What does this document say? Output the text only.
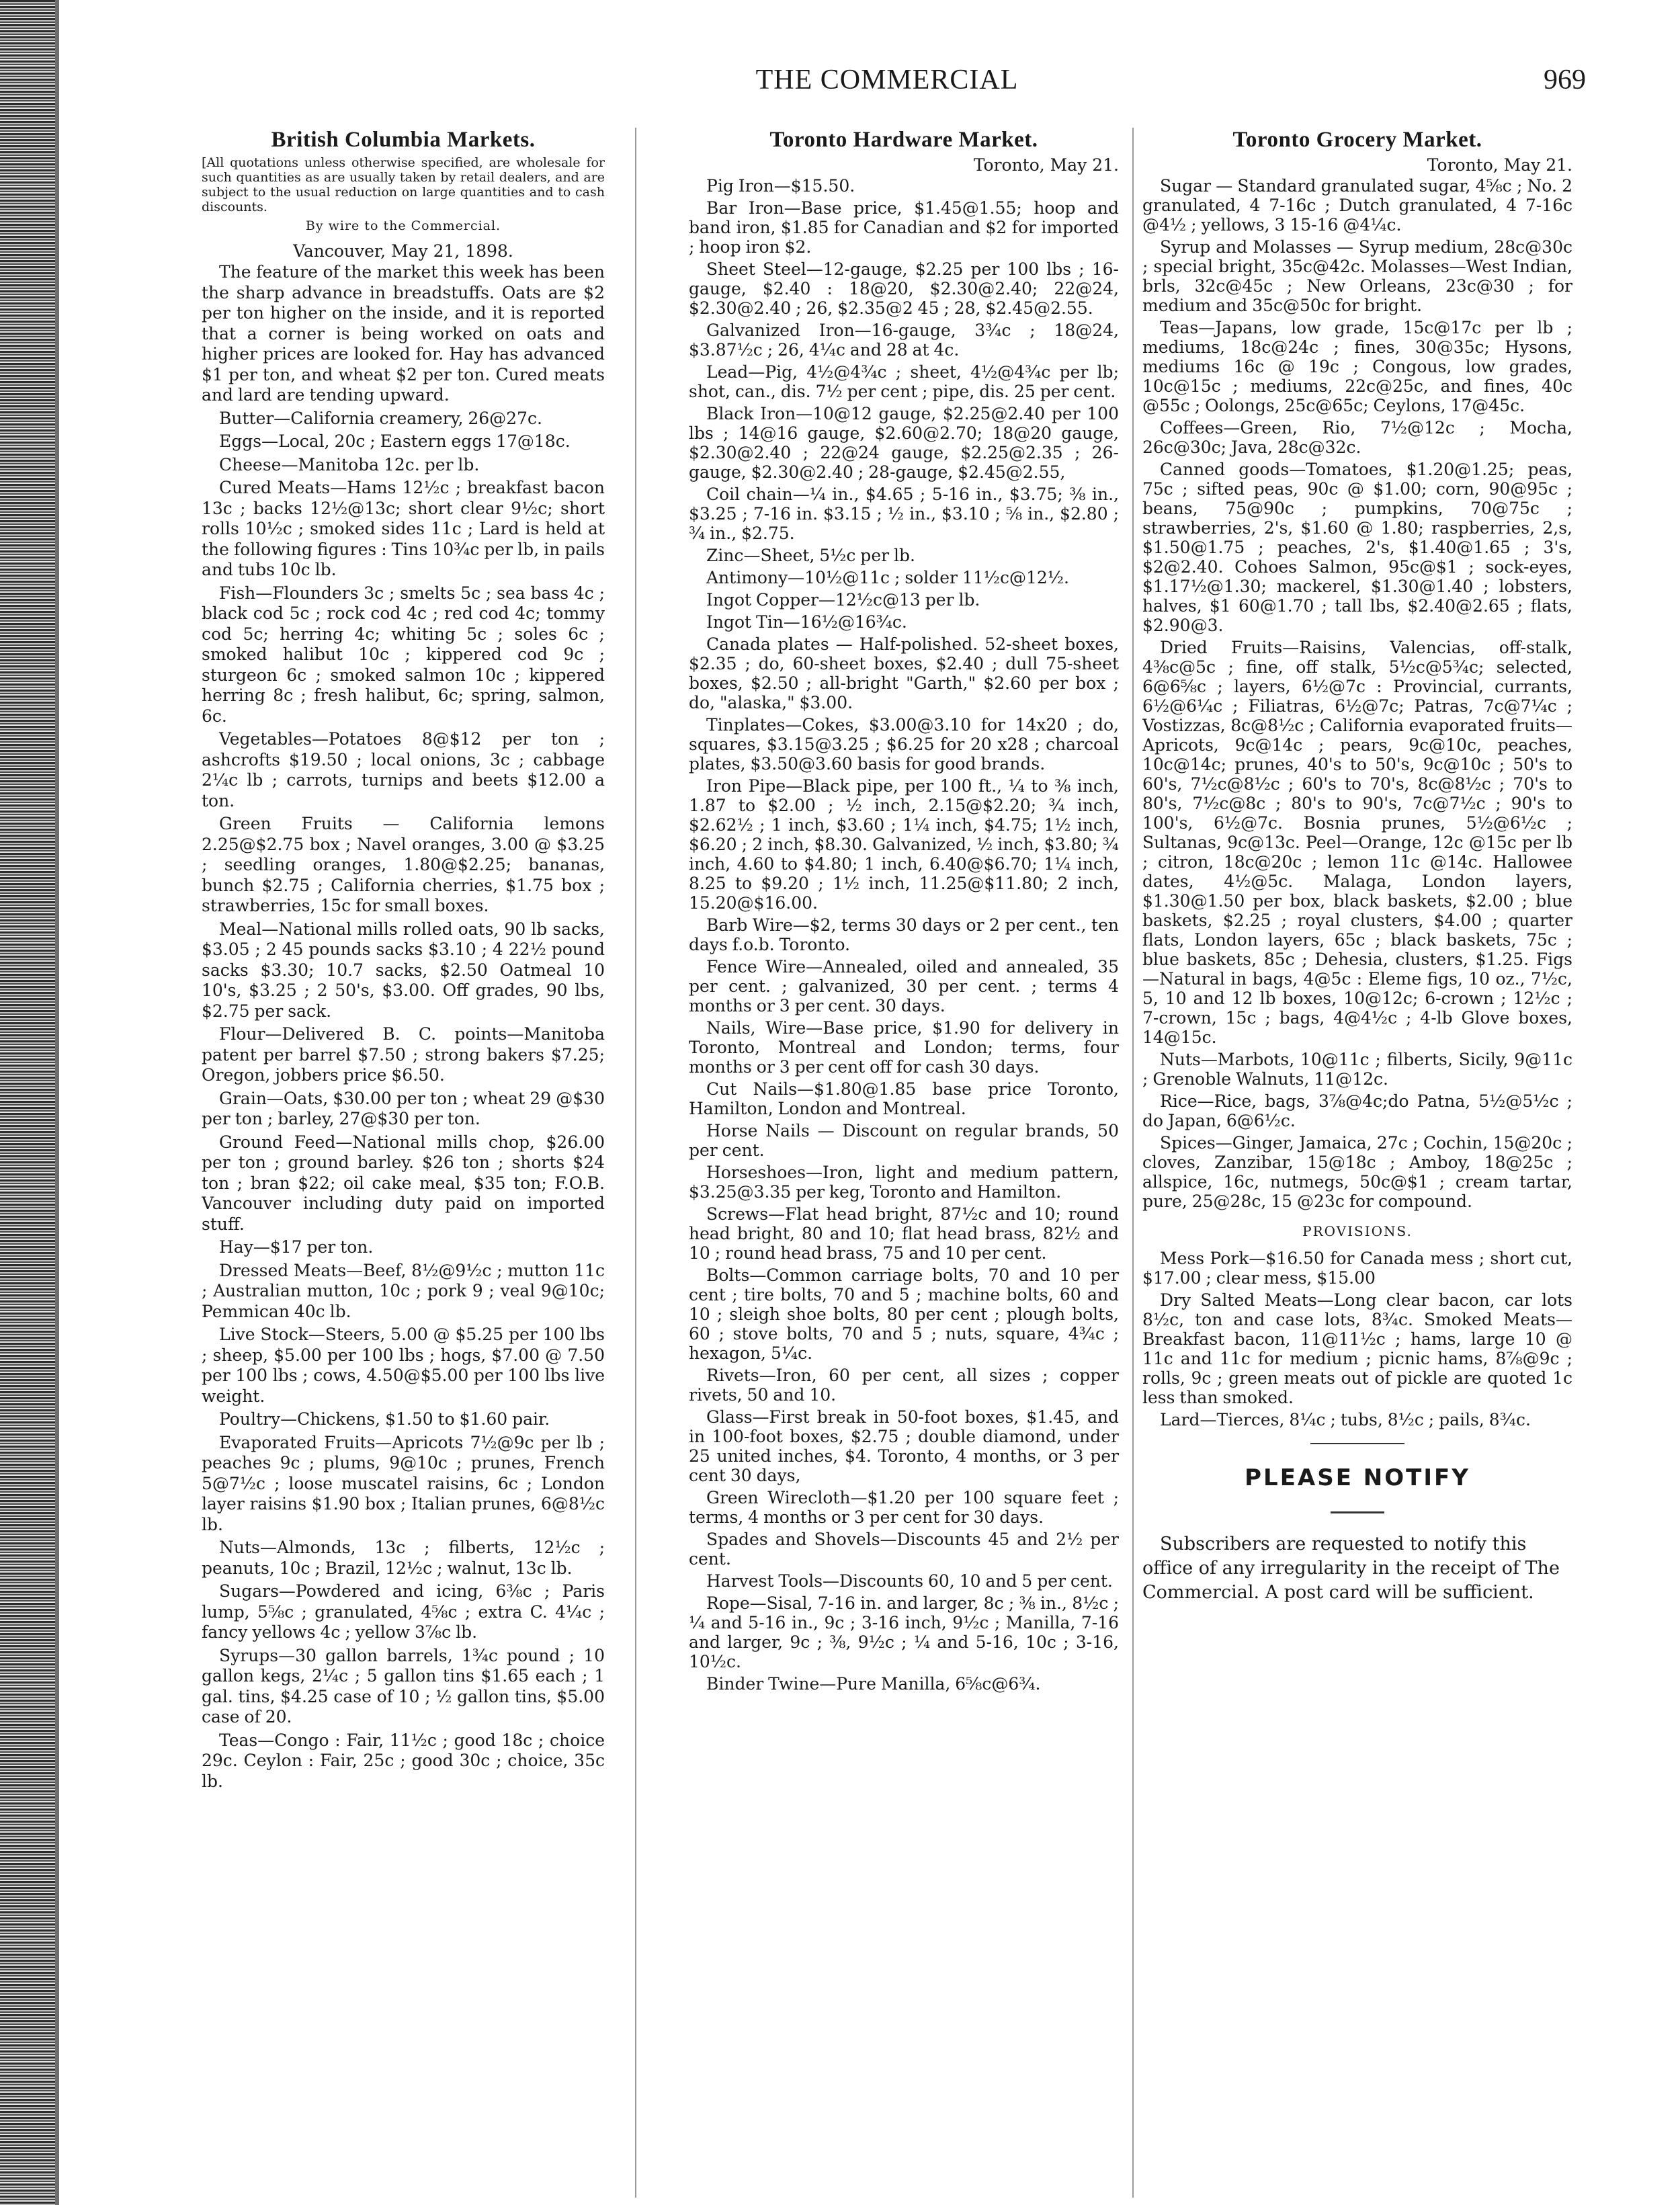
THE COMMERCIAL	969
British Columbia Markets.

[All quotations unless otherwise specified, are wholesale for such quantities as are usually taken by retail dealers, and are subject to the usual reduction on large quantities and to cash discounts.

By wire to the Commercial.
Vancouver, May 21, 1898.

The feature of the market this week has been the sharp advance in breadstuffs. Oats are $2 per ton higher on the inside, and it is reported that a corner is being worked on oats and higher prices are looked for. Hay has advanced $1 per ton, and wheat $2 per ton. Cured meats and lard are tending upward.

Butter—California creamery, 26@27c.

Eggs—Local, 20c ; Eastern eggs 17@18c.

Cheese—Manitoba 12c. per lb.

Cured Meats—Hams 12½c ; breakfast bacon 13c ; backs 12½@13c; short clear 9½c; short rolls 10½c ; smoked sides 11c ; Lard is held at the following figures : Tins 10¾c per lb, in pails and tubs 10c lb.

Fish—Flounders 3c ; smelts 5c ; sea bass 4c ; black cod 5c ; rock cod 4c ; red cod 4c; tommy cod 5c; herring 4c; whiting 5c ; soles 6c ; smoked halibut 10c ; kippered cod 9c ; sturgeon 6c ; smoked salmon 10c ; kippered herring 8c ; fresh halibut, 6c; spring, salmon, 6c.

Vegetables—Potatoes 8@$12 per ton ; ashcrofts $19.50 ; local onions, 3c ; cabbage 2¼c lb ; carrots, turnips and beets $12.00 a ton.

Green Fruits — California lemons 2.25@$2.75 box ; Navel oranges, 3.00 @ $3.25 ; seedling oranges, 1.80@$2.25; bananas, bunch $2.75 ; California cherries, $1.75 box ; strawberries, 15c for small boxes.

Meal—National mills rolled oats, 90 lb sacks, $3.05 ; 2 45 pounds sacks $3.10 ; 4 22½ pound sacks $3.30; 10.7 sacks, $2.50 Oatmeal 10 10's, $3.25 ; 2 50's, $3.00. Off grades, 90 lbs, $2.75 per sack.

Flour—Delivered B. C. points—Manitoba patent per barrel $7.50 ; strong bakers $7.25; Oregon, jobbers price $6.50.

Grain—Oats, $30.00 per ton ; wheat 29 @$30 per ton ; barley, 27@$30 per ton.

Ground Feed—National mills chop, $26.00 per ton ; ground barley. $26 ton ; shorts $24 ton ; bran $22; oil cake meal, $35 ton; F.O.B. Vancouver including duty paid on imported stuff.

Hay—$17 per ton.

Dressed Meats—Beef, 8½@9½c ; mutton 11c ; Australian mutton, 10c ; pork 9 ; veal 9@10c; Pemmican 40c lb.

Live Stock—Steers, 5.00 @ $5.25 per 100 lbs ; sheep, $5.00 per 100 lbs ; hogs, $7.00 @ 7.50 per 100 lbs ; cows, 4.50@$5.00 per 100 lbs live weight.

Poultry—Chickens, $1.50 to $1.60 pair.

Evaporated Fruits—Apricots 7½@9c per lb ; peaches 9c ; plums, 9@10c ; prunes, French 5@7½c ; loose muscatel raisins, 6c ; London layer raisins $1.90 box ; Italian prunes, 6@8½c lb.

Nuts—Almonds, 13c ; filberts, 12½c ; peanuts, 10c ; Brazil, 12½c ; walnut, 13c lb.

Sugars—Powdered and icing, 6⅜c ; Paris lump, 5⅝c ; granulated, 4⅝c ; extra C. 4¼c ; fancy yellows 4c ; yellow 3⅞c lb.

Syrups—30 gallon barrels, 1¾c pound ; 10 gallon kegs, 2¼c ; 5 gallon tins $1.65 each ; 1 gal. tins, $4.25 case of 10 ; ½ gallon tins, $5.00 case of 20.

Teas—Congo : Fair, 11½c ; good 18c ; choice 29c. Ceylon : Fair, 25c ; good 30c ; choice, 35c lb.

Toronto Hardware Market.
Toronto, May 21.

Pig Iron—$15.50.

Bar Iron—Base price, $1.45@1.55; hoop and band iron, $1.85 for Canadian and $2 for imported ; hoop iron $2.

Sheet Steel—12-gauge, $2.25 per 100 lbs ; 16-gauge, $2.40 : 18@20, $2.30@2.40; 22@24, $2.30@2.40 ; 26, $2.35@2 45 ; 28, $2.45@2.55.

Galvanized Iron—16-gauge, 3¾c ; 18@24, $3.87½c ; 26, 4¼c and 28 at 4c.

Lead—Pig, 4½@4¾c ; sheet, 4½@4¾c per lb; shot, can., dis. 7½ per cent ; pipe, dis. 25 per cent.

Black Iron—10@12 gauge, $2.25@2.40 per 100 lbs ; 14@16 gauge, $2.60@2.70; 18@20 gauge, $2.30@2.40 ; 22@24 gauge, $2.25@2.35 ; 26-gauge, $2.30@2.40 ; 28-gauge, $2.45@2.55,

Coil chain—¼ in., $4.65 ; 5-16 in., $3.75; ⅜ in., $3.25 ; 7-16 in. $3.15 ; ½ in., $3.10 ; ⅝ in., $2.80 ; ¾ in., $2.75.

Zinc—Sheet, 5½c per lb.

Antimony—10½@11c ; solder 11½c@12½.

Ingot Copper—12½c@13 per lb.

Ingot Tin—16½@16¾c.

Canada plates — Half-polished. 52-sheet boxes, $2.35 ; do, 60-sheet boxes, $2.40 ; dull 75-sheet boxes, $2.50 ; all-bright "Garth," $2.60 per box ; do, "alaska," $3.00.

Tinplates—Cokes, $3.00@3.10 for 14x20 ; do, squares, $3.15@3.25 ; $6.25 for 20 x28 ; charcoal plates, $3.50@3.60 basis for good brands.

Iron Pipe—Black pipe, per 100 ft., ¼ to ⅜ inch, 1.87 to $2.00 ; ½ inch, 2.15@$2.20; ¾ inch, $2.62½ ; 1 inch, $3.60 ; 1¼ inch, $4.75; 1½ inch, $6.20 ; 2 inch, $8.30. Galvanized, ½ inch, $3.80; ¾ inch, 4.60 to $4.80; 1 inch, 6.40@$6.70; 1¼ inch, 8.25 to $9.20 ; 1½ inch, 11.25@$11.80; 2 inch, 15.20@$16.00.

Barb Wire—$2, terms 30 days or 2 per cent., ten days f.o.b. Toronto.

Fence Wire—Annealed, oiled and annealed, 35 per cent. ; galvanized, 30 per cent. ; terms 4 months or 3 per cent. 30 days.

Nails, Wire—Base price, $1.90 for delivery in Toronto, Montreal and London; terms, four months or 3 per cent off for cash 30 days.

Cut Nails—$1.80@1.85 base price Toronto, Hamilton, London and Montreal.

Horse Nails — Discount on regular brands, 50 per cent.

Horseshoes—Iron, light and medium pattern, $3.25@3.35 per keg, Toronto and Hamilton.

Screws—Flat head bright, 87½c and 10; round head bright, 80 and 10; flat head brass, 82½ and 10 ; round head brass, 75 and 10 per cent.

Bolts—Common carriage bolts, 70 and 10 per cent ; tire bolts, 70 and 5 ; machine bolts, 60 and 10 ; sleigh shoe bolts, 80 per cent ; plough bolts, 60 ; stove bolts, 70 and 5 ; nuts, square, 4¾c ; hexagon, 5¼c.

Rivets—Iron, 60 per cent, all sizes ; copper rivets, 50 and 10.

Glass—First break in 50-foot boxes, $1.45, and in 100-foot boxes, $2.75 ; double diamond, under 25 united inches, $4. Toronto, 4 months, or 3 per cent 30 days,

Green Wirecloth—$1.20 per 100 square feet ; terms, 4 months or 3 per cent for 30 days.

Spades and Shovels—Discounts 45 and 2½ per cent.

Harvest Tools—Discounts 60, 10 and 5 per cent.

Rope—Sisal, 7-16 in. and larger, 8c ; ⅜ in., 8½c ; ¼ and 5-16 in., 9c ; 3-16 inch, 9½c ; Manilla, 7-16 and larger, 9c ; ⅜, 9½c ; ¼ and 5-16, 10c ; 3-16, 10½c.

Binder Twine—Pure Manilla, 6⅝c@6¾.

Toronto Grocery Market.
Toronto, May 21.

Sugar — Standard granulated sugar, 4⅝c ; No. 2 granulated, 4 7-16c ; Dutch granulated, 4 7-16c @4½ ; yellows, 3 15-16 @4¼c.

Syrup and Molasses — Syrup medium, 28c@30c ; special bright, 35c@42c. Molasses—West Indian, brls, 32c@45c ; New Orleans, 23c@30 ; for medium and 35c@50c for bright.

Teas—Japans, low grade, 15c@17c per lb ; mediums, 18c@24c ; fines, 30@35c; Hysons, mediums 16c @ 19c ; Congous, low grades, 10c@15c ; mediums, 22c@25c, and fines, 40c @55c ; Oolongs, 25c@65c; Ceylons, 17@45c.

Coffees—Green, Rio, 7½@12c ; Mocha, 26c@30c; Java, 28c@32c.

Canned goods—Tomatoes, $1.20@1.25; peas, 75c ; sifted peas, 90c @ $1.00; corn, 90@95c ; beans, 75@90c ; pumpkins, 70@75c ; strawberries, 2's, $1.60 @ 1.80; raspberries, 2,s, $1.50@1.75 ; peaches, 2's, $1.40@1.65 ; 3's, $2@2.40. Cohoes Salmon, 95c@$1 ; sock-eyes, $1.17½@1.30; mackerel, $1.30@1.40 ; lobsters, halves, $1 60@1.70 ; tall lbs, $2.40@2.65 ; flats, $2.90@3.

Dried Fruits—Raisins, Valencias, off-stalk, 4⅜c@5c ; fine, off stalk, 5½c@5¾c; selected, 6@6⅝c ; layers, 6½@7c : Provincial, currants, 6½@6¼c ; Filiatras, 6½@7c; Patras, 7c@7¼c ; Vostizzas, 8c@8½c ; California evaporated fruits—Apricots, 9c@14c ; pears, 9c@10c, peaches, 10c@14c; prunes, 40's to 50's, 9c@10c ; 50's to 60's, 7½c@8½c ; 60's to 70's, 8c@8½c ; 70's to 80's, 7½c@8c ; 80's to 90's, 7c@7½c ; 90's to 100's, 6½@7c. Bosnia prunes, 5½@6½c ; Sultanas, 9c@13c. Peel—Orange, 12c @15c per lb ; citron, 18c@20c ; lemon 11c @14c. Hallowee dates, 4½@5c. Malaga, London layers, $1.30@1.50 per box, black baskets, $2.00 ; blue baskets, $2.25 ; royal clusters, $4.00 ; quarter flats, London layers, 65c ; black baskets, 75c ; blue baskets, 85c ; Dehesia, clusters, $1.25. Figs —Natural in bags, 4@5c : Eleme figs, 10 oz., 7½c, 5, 10 and 12 lb boxes, 10@12c; 6-crown ; 12½c ; 7-crown, 15c ; bags, 4@4½c ; 4-lb Glove boxes, 14@15c.

Nuts—Marbots, 10@11c ; filberts, Sicily, 9@11c ; Grenoble Walnuts, 11@12c.

Rice—Rice, bags, 3⅞@4c;do Patna, 5½@5½c ; do Japan, 6@6½c.

Spices—Ginger, Jamaica, 27c ; Cochin, 15@20c ; cloves, Zanzibar, 15@18c ; Amboy, 18@25c ; allspice, 16c, nutmegs, 50c@$1 ; cream tartar, pure, 25@28c, 15 @23c for compound.

PROVISIONS.

Mess Pork—$16.50 for Canada mess ; short cut, $17.00 ; clear mess, $15.00

Dry Salted Meats—Long clear bacon, car lots 8½c, ton and case lots, 8¾c. Smoked Meats—Breakfast bacon, 11@11½c ; hams, large 10 @ 11c and 11c for medium ; picnic hams, 8⅞@9c ; rolls, 9c ; green meats out of pickle are quoted 1c less than smoked.

Lard—Tierces, 8¼c ; tubs, 8½c ; pails, 8¾c.

PLEASE NOTIFY

Subscribers are requested to notify this office of any irregularity in the receipt of The Commercial. A post card will be sufficient.
